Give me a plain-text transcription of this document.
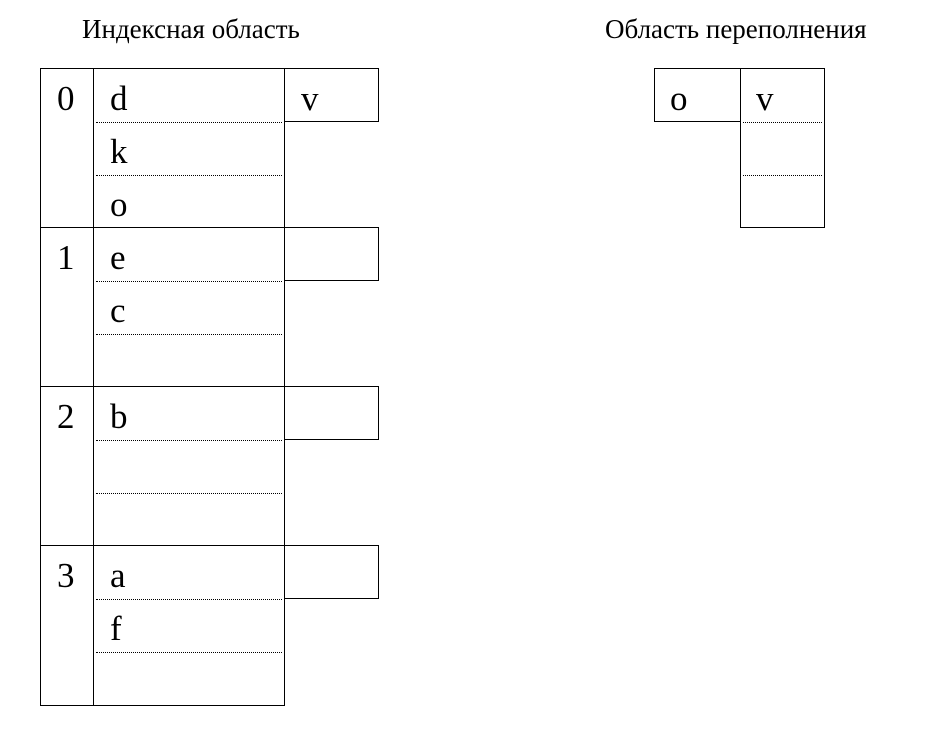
Индексная область	Область переполнения
0 d
k
o
v
1 e
c
2 b
3 a
f
o v
